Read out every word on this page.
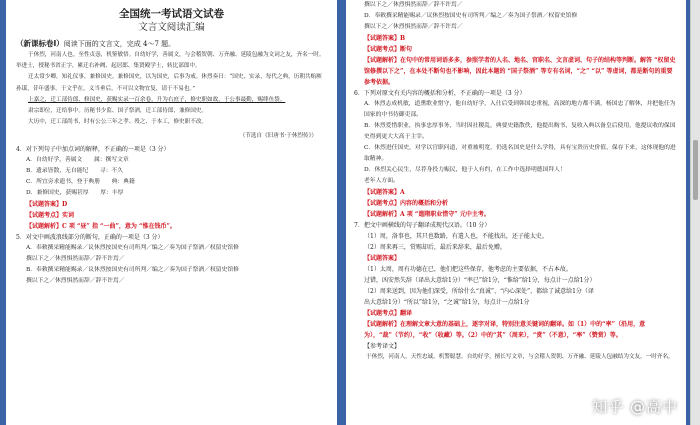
全国统一考试语文试卷
文言文阅读汇编
（新课标卷Ⅰ）阅读下面的文言文，完成 4～7 题。

于休烈，河南人也。至性贞悫，机鉴敏悟。自幼好学，善属文，与会稽贺朝、万齐融、延陵包融为文词之友，齐名一时。举进士，授秘书省正字，累迁右补阙、起居郎、集贤殿学士，转比部郎中。

迁太常少卿，知礼仪事，兼修国史。兼修国史，以为国史，后事为戒。休烈奏曰：“国史、实录，每代之典，历朝共贻厥孙谋，昔年盛事，于文乎在，义当垂后，不可以文物宜复，请于不易也。”

上嘉之，迁工部侍郎、修国史，获赐实录一百余卷，升为右庶子，修史职如故，于公事最勤，赐绯鱼袋。

肃宗即位，迁给事中。历秘书少监、国子祭酒，迁工部侍郎，兼修国史。

大历中，迁工部尚书，时有公公三年之孝、殁之、于本工，修史职不改。

（节选自《旧唐书·于休烈传》）

4．对下列句子中加点词的解释，不正确的一项是（3 分）

A．自幼好学，善属文　　属：撰写文章

B．遗录皆散，无自能纪　　寻：不久

C．所宜旁求遗书，登于典册　　典：典籍

D．兼修国史，获赐甚厚　　厚：丰厚

【试题答案】D

【试题考点】实词

【试题解析】C 项 “昼” 指 “一曲”，意为 “惟在钱币”。

5．对文中画波浪线部分的断句，正确的一项是（3 分）

A．奉敕撰采精能赐录／议休烈按国史有司所判／编之／奏为国子祭酒／权留史馆修

撰以下之／休烈惧然而辞／辞不许焉／

B．奉敕撰采精能赐录／议休烈按国史有司所判／编之／奏为国子祭酒／权留史馆修

撰以下之／休烈惧然而辞／辞不许焉／

撰以下之／休烈惧然而辞／辞不许焉／

D．奉敕撰采精能赐录／议休烈按国史有司所判／编之／奏为国子祭酒／权留史馆修

撰以下之／休烈惧然而辞／辞不许焉／

【试题答案】B

【试题考点】断句

【试题解析】在句中的常用词语多多，参照学者的人名、地名、官职名、文言虚词、句子的结构等判断。解答 “权留史馆修撰以下之”，在本处不断句也不影响，因此本题的 “国子祭酒” 等专有名词，“之” “以” 等虚词，都是断句的重要参考依据。

6．下列对原文有关内容的概括和分析，不正确的一项是（3 分）

A．休烈志成机敏，道熏歌业惜守，他自幼好学，入仕后受到韩国忠重视，高深的地方都不满，杨国忠了解休，并把他任为国家的中书侍御吏部。

B．休烈爱惜职业，执事忠厚事务，当时因社稷乱，典要史籍散佚，他提出购书，复收入典以备皇后使用，他提议收的保国史得到更大大高于主宰。

C．休烈进任国史，对学以官职问道，对重被明宽，仍选名国史是什么学得，具有宝贵历史价值，保存下来，这体现他的进取精神。

D．休烈关心民生，尽荐身投力赈民，他于人有约，在工作中选择明德国拜人！

老年人方面。

【试题答案】A

【试题考点】内容的概括和分析

【试题解析】A 项 “遣隋职业惜守” 元中主考。

7．把文中画横线的句子翻译成现代汉语。（10 分）

（1）周，洛事也，其只也数路，有遣人也，不能找出，还子能太史。

（2）周来再三，赏赐却后，最后来辞来，最后免赠。

【试题答案】

（1）太周，周有功德在已，他们把这些保存，他考虑的主要依据，不占本故。

过错，凶安然失辞（译出大意给1分）“率已”给1分，“惟给”给1分，每点计一点给1分）

（2）周来送到，因为他们深受，所给什么“真诚”、“内心深处”，都给了诚意给1分（译

出大意给1分）“所以”给1分，“之诚”给1分，每点计一点给1分

【试题考点】翻译

【试题解析】在理解文章大意的基础上，逐字对译，特别注意关键词的翻译。如（1）中的“率”（沿用，意为），“裁”（节约），“收”（收藏）等。（2）中的“其”（周来），“赏”（不意），“率”（赞赏）等。

【参考译文】

于休烈，河南人。天性忠诚，机警聪慧。自幼好学，擅长写文章，与会稽人贺朝、万齐融、延陵人包融结为文友，一时齐名。

知乎 @高中
